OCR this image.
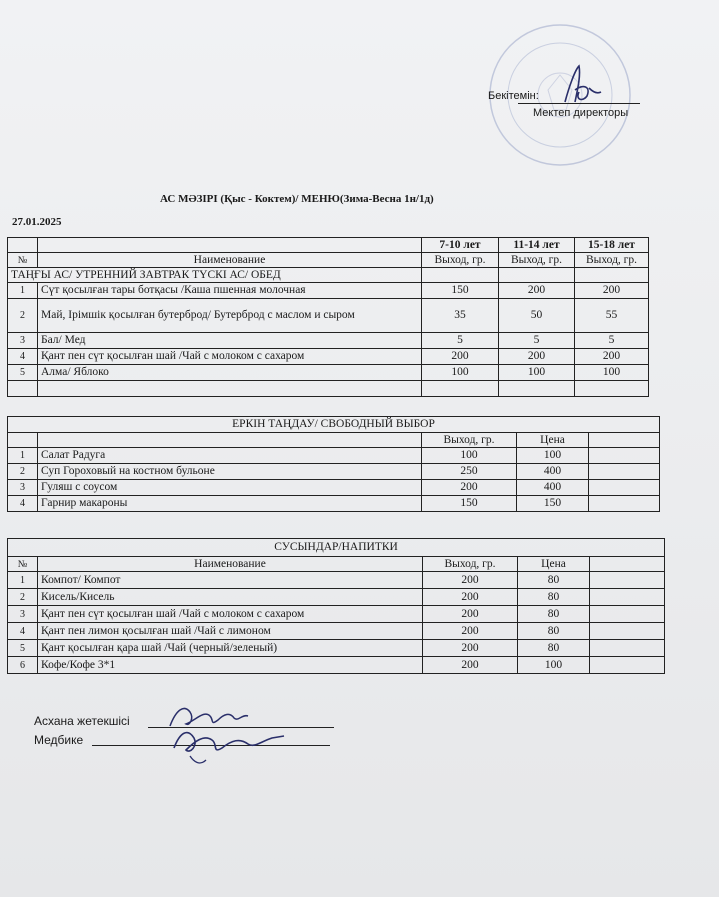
Бекітемін:
Мектеп директоры
АС МӘЗІРІ (Қыс - Коктем)/ МЕНЮ(Зима-Весна 1н/1д)
27.01.2025
		7-10 лет	11-14 лет	15-18 лет
№	Наименование	Выход, гр.	Выход, гр.	Выход, гр.
ТАҢҒЫ АС/ УТРЕННИЙ ЗАВТРАК ТҮСКІ АС/ ОБЕД				
1	Сүт қосылған тары ботқасы /Каша пшенная молочная	150	200	200
2	Май, Ірімшік қосылған бутерброд/ Бутерброд с маслом и сыром	35	50	55
3	Бал/ Мед	5	5	5
4	Қант пен сүт қосылған шай /Чай с молоком с сахаром	200	200	200
5	Алма/ Яблоко	100	100	100

ЕРКІН ТАҢДАУ/ СВОБОДНЫЙ ВЫБОР				
		Выход, гр.	Цена	
1	Салат Радуга	100	100	
2	Суп Гороховый на костном бульоне	250	400	
3	Гуляш с соусом	200	400	
4	Гарнир макароны	150	150	
СУСЫНДАР/НАПИТКИ				
№	Наименование	Выход, гр.	Цена	
1	Компот/ Компот	200	80	
2	Кисель/Кисель	200	80	
3	Қант пен сүт қосылған шай /Чай с молоком с сахаром	200	80	
4	Қант пен лимон қосылған шай /Чай с лимоном	200	80	
5	Қант қосылған қара шай /Чай (черный/зеленый)	200	80	
6	Кофе/Кофе 3*1	200	100	
Асхана жетекшісі
Медбике
